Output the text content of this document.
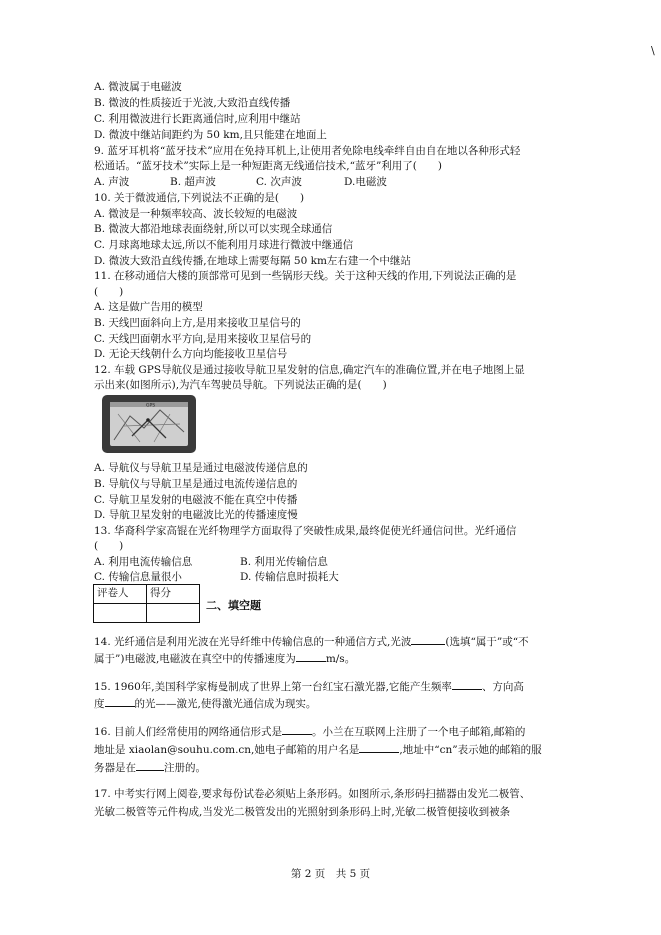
\
A. 微波属于电磁波
B. 微波的性质接近于光波,大致沿直线传播
C. 利用微波进行长距离通信时,应利用中继站
D. 微波中继站间距约为 50 km,且只能建在地面上
9. 蓝牙耳机将“蓝牙技术”应用在免持耳机上,让使用者免除电线牵绊自由自在地以各种形式轻
松通话。“蓝牙技术”实际上是一种短距离无线通信技术,“蓝牙”利用了(　　)
A. 声波	B. 超声波	C. 次声波	D.电磁波
10. 关于微波通信,下列说法不正确的是(　　)
A. 微波是一种频率较高、波长较短的电磁波
B. 微波大都沿地球表面绕射,所以可以实现全球通信
C. 月球离地球太远,所以不能利用月球进行微波中继通信
D. 微波大致沿直线传播,在地球上需要每隔 50 km左右建一个中继站
11. 在移动通信大楼的顶部常可见到一些锅形天线。关于这种天线的作用,下列说法正确的是
(　　)
A. 这是做广告用的模型
B. 天线凹面斜向上方,是用来接收卫星信号的
C. 天线凹面朝水平方向,是用来接收卫星信号的
D. 无论天线朝什么方向均能接收卫星信号
12. 车载 GPS导航仪是通过接收导航卫星发射的信息,确定汽车的准确位置,并在电子地图上显
示出来(如图所示),为汽车驾驶员导航。下列说法正确的是(　　)
GPS
A. 导航仪与导航卫星是通过电磁波传递信息的
B. 导航仪与导航卫星是通过电流传递信息的
C. 导航卫星发射的电磁波不能在真空中传播
D. 导航卫星发射的电磁波比光的传播速度慢
13. 华裔科学家高锟在光纤物理学方面取得了突破性成果,最终促使光纤通信问世。光纤通信
(　　)
A. 利用电流传输信息	B. 利用光传输信息
C. 传输信息量很小	D. 传输信息时损耗大
评卷人	得分

二、填空题
14. 光纤通信是利用光波在光导纤维中传输信息的一种通信方式,光波	(选填“属于”或“不
属于”)电磁波,电磁波在真空中的传播速度为	m/s。
15. 1960年,美国科学家梅曼制成了世界上第一台红宝石激光器,它能产生频率	、方向高
度	的光——激光,使得激光通信成为现实。
16. 目前人们经常使用的网络通信形式是	。小兰在互联网上注册了一个电子邮箱,邮箱的
地址是 xiaolan@souhu.com.cn,她电子邮箱的用户名是	,地址中“cn”表示她的邮箱的服
务器是在	注册的。
17. 中考实行网上阅卷,要求每份试卷必须贴上条形码。如图所示,条形码扫描器由发光二极管、
光敏二极管等元件构成,当发光二极管发出的光照射到条形码上时,光敏二极管便接收到被条
第 2 页　共 5 页
